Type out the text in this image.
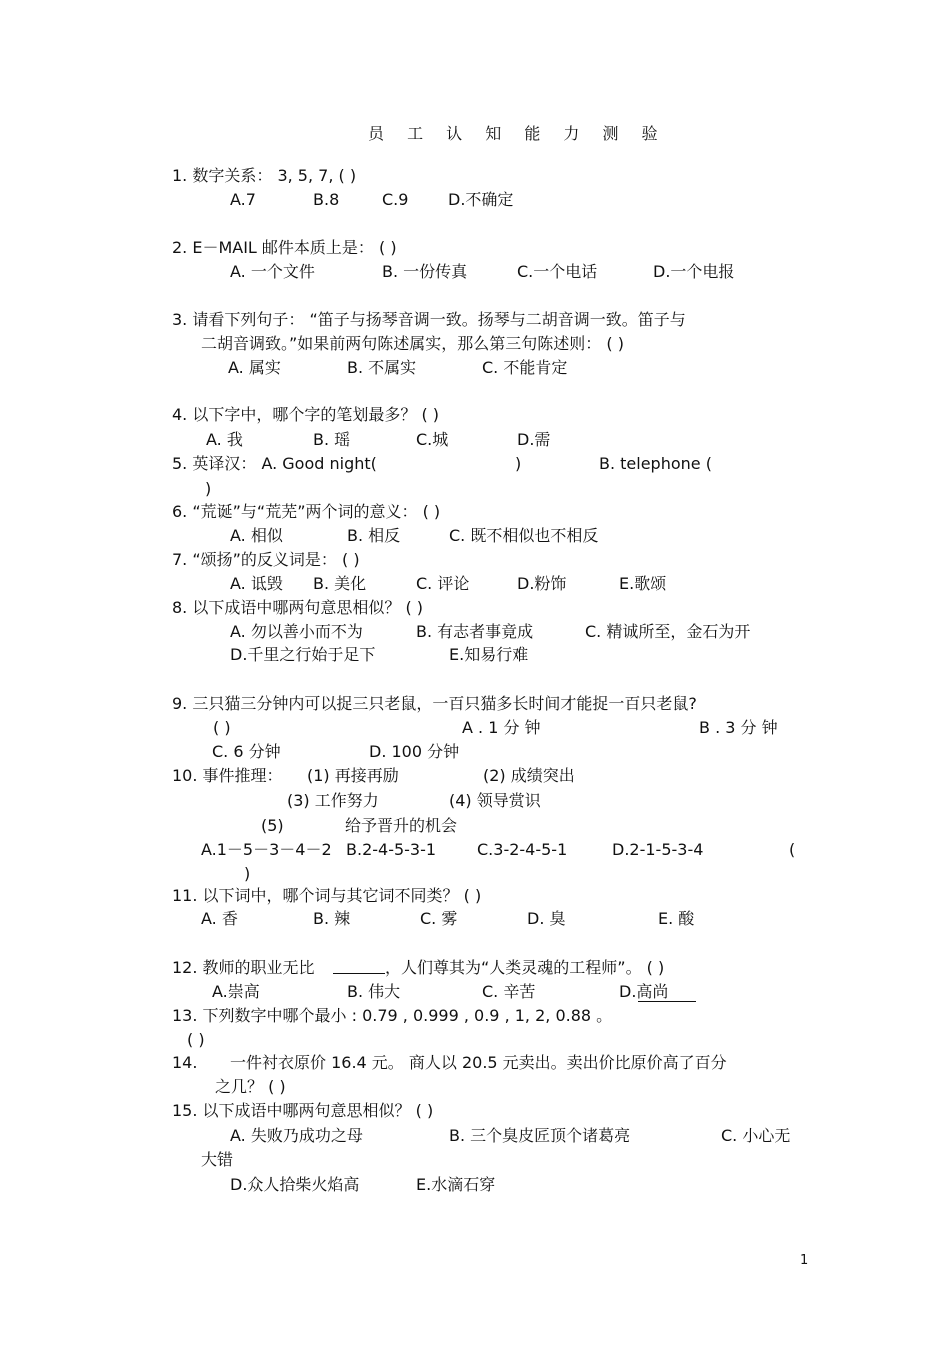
员 工 认 知 能 力 测 验
1. 数字关系： 3, 5, 7, ( )
A.7	B.8	C.9 D.不确定
2. E－MAIL 邮件本质上是： ( )
A. 一个文件	B. 一份传真	C.一个电话	D.一个电报
3. 请看下列句子： “笛子与扬琴音调一致。扬琴与二胡音调一致。笛子与
二胡音调致。”如果前两句陈述属实，那么第三句陈述则： ( )
A. 属实	B. 不属实	C. 不能肯定
4. 以下字中，哪个字的笔划最多？ ( )
A. 我	B. 瑶	C.城	D.需
5. 英译汉： A. Good night(	)	B. telephone (
)
6. “荒诞”与“荒芜”两个词的意义： ( )
A. 相似	B. 相反	C. 既不相似也不相反
7. “颂扬”的反义词是： ( )
A. 诋毁 B. 美化	C. 评论	D.粉饰	E.歌颂
8. 以下成语中哪两句意思相似？ ( )
A. 勿以善小而不为	B. 有志者事竟成	C. 精诚所至，金石为开
D.千里之行始于足下	E.知易行难
9. 三只猫三分钟内可以捉三只老鼠，一百只猫多长时间才能捉一百只老鼠?
( )	A . 1 分 钟	B . 3 分 钟
C. 6 分钟	D. 100 分钟
10. 事件推理： (1) 再接再励	(2) 成绩突出
(3) 工作努力	(4) 领导赏识
(5)	给予晋升的机会
A.1－5－3－4－2 B.2-4-5-3-1	C.3-2-4-5-1	D.2-1-5-3-4	(
)
11. 以下词中，哪个词与其它词不同类？ ( )
A. 香	B. 辣	C. 雾	D. 臭	E. 酸
12. 教师的职业无比	，人们尊其为“人类灵魂的工程师”。 ( )
A.崇高	B. 伟大	C. 辛苦	D.高尚
13. 下列数字中哪个最小 : 0.79 , 0.999 , 0.9 , 1, 2, 0.88 。
( )
14. 一件衬衣原价 16.4 元。 商人以 20.5 元卖出。卖出价比原价高了百分
之几？ ( )
15. 以下成语中哪两句意思相似？ ( )
A. 失败乃成功之母	B. 三个臭皮匠顶个诸葛亮	C. 小心无
大错
D.众人拾柴火焰高	E.水滴石穿
1
